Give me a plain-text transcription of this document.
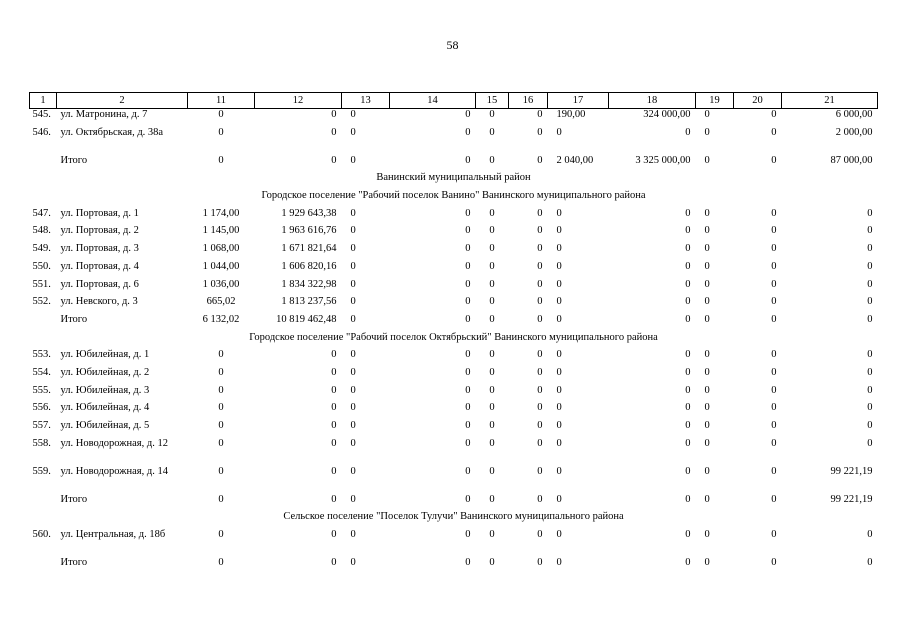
58
1	2	11	12	13	14	15	16	17	18	19	20	21
545.	ул. Матронина, д. 7	0	0	0	0	0	0	190,00	324 000,00	0	0	6 000,00
546.	ул. Октябрьская, д. 38а	0	0	0	0	0	0	0	0	0	0	2 000,00
	Итого	0	0	0	0	0	0	2 040,00	3 325 000,00	0	0	87 000,00
Ванинский муниципальный район												
Городское поселение "Рабочий поселок Ванино" Ванинского муниципального района												
547.	ул. Портовая, д. 1	1 174,00	1 929 643,38	0	0	0	0	0	0	0	0	0
548.	ул. Портовая, д. 2	1 145,00	1 963 616,76	0	0	0	0	0	0	0	0	0
549.	ул. Портовая, д. 3	1 068,00	1 671 821,64	0	0	0	0	0	0	0	0	0
550.	ул. Портовая, д. 4	1 044,00	1 606 820,16	0	0	0	0	0	0	0	0	0
551.	ул. Портовая, д. 6	1 036,00	1 834 322,98	0	0	0	0	0	0	0	0	0
552.	ул. Невского, д. 3	665,02	1 813 237,56	0	0	0	0	0	0	0	0	0
	Итого	6 132,02	10 819 462,48	0	0	0	0	0	0	0	0	0
Городское поселение "Рабочий поселок Октябрьский" Ванинского муниципального района												
553.	ул. Юбилейная, д. 1	0	0	0	0	0	0	0	0	0	0	0
554.	ул. Юбилейная, д. 2	0	0	0	0	0	0	0	0	0	0	0
555.	ул. Юбилейная, д. 3	0	0	0	0	0	0	0	0	0	0	0
556.	ул. Юбилейная, д. 4	0	0	0	0	0	0	0	0	0	0	0
557.	ул. Юбилейная, д. 5	0	0	0	0	0	0	0	0	0	0	0
558.	ул. Новодорожная, д. 12	0	0	0	0	0	0	0	0	0	0	0
559.	ул. Новодорожная, д. 14	0	0	0	0	0	0	0	0	0	0	99 221,19
	Итого	0	0	0	0	0	0	0	0	0	0	99 221,19
Сельское поселение "Поселок Тулучи" Ванинского муниципального района												
560.	ул. Центральная, д. 18б	0	0	0	0	0	0	0	0	0	0	0
	Итого	0	0	0	0	0	0	0	0	0	0	0
